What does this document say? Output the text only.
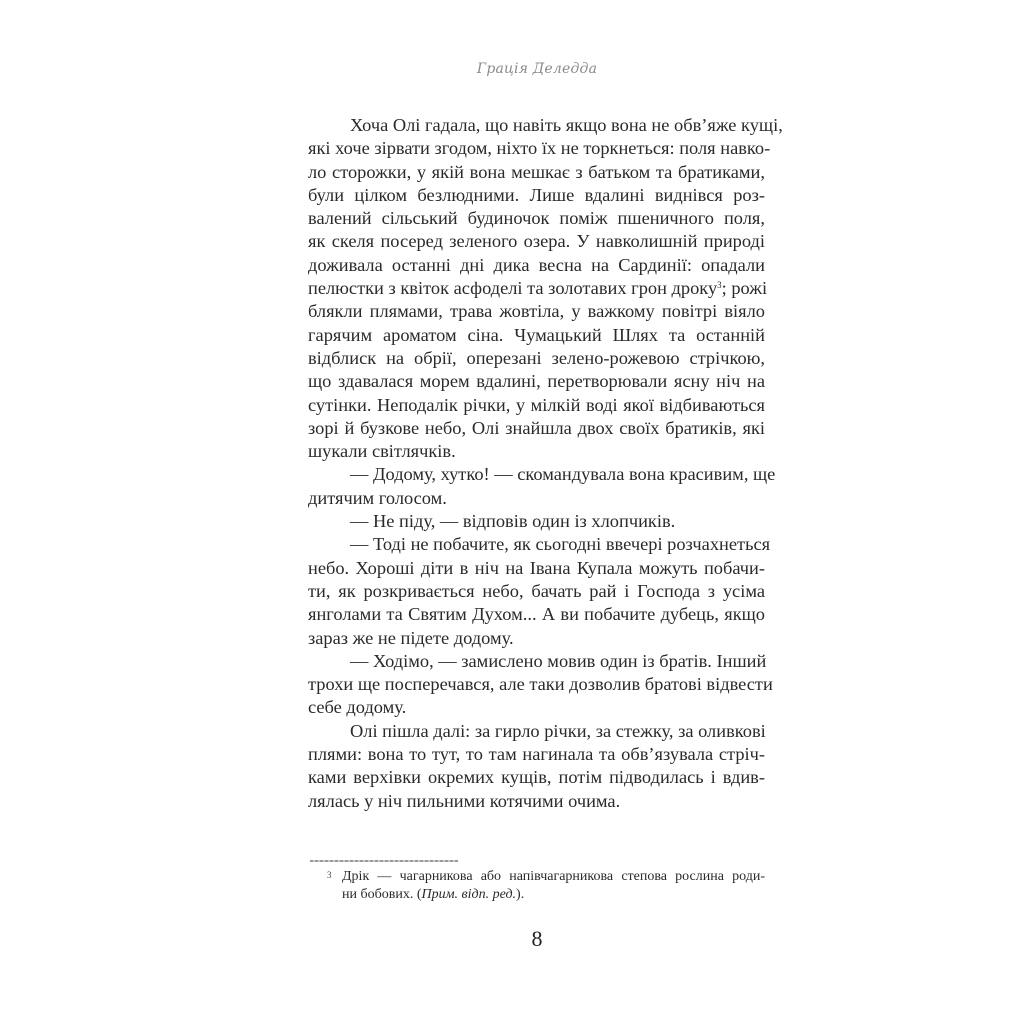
Грація Деледда
Хоча Олі гадала, що навіть якщо вона не обв’яже кущі,
які хоче зірвати згодом, ніхто їх не торкнеться: поля навко-
ло сторожки, у якій вона мешкає з батьком та братиками,
були цілком безлюдними. Лише вдалині виднівся роз-
валений сільський будиночок поміж пшеничного поля,
як скеля посеред зеленого озера. У навколишній природі
доживала останні дні дика весна на Сардинії: опадали
пелюстки з квіток асфоделі та золотавих грон дроку$^3$; рожі
блякли плямами, трава жовтіла, у важкому повітрі віяло
гарячим ароматом сіна. Чумацький Шлях та останній
відблиск на обрії, оперезані зелено-рожевою стрічкою,
що здавалася морем вдалині, перетворювали ясну ніч на
сутінки. Неподалік річки, у мілкій воді якої відбиваються
зорі й бузкове небо, Олі знайшла двох своїх братиків, які
шукали світлячків.
— Додому, хутко! — скомандувала вона красивим, ще
дитячим голосом.
— Не піду, — відповів один із хлопчиків.
— Тоді не побачите, як сьогодні ввечері розчахнеться
небо. Хороші діти в ніч на Івана Купала можуть побачи-
ти, як розкривається небо, бачать рай і Господа з усіма
янголами та Святим Духом... А ви побачите дубець, якщо
зараз же не підете додому.
— Ходімо, — замислено мовив один із братів. Інший
трохи ще посперечався, але таки дозволив братові відвести
себе додому.
Олі пішла далі: за гирло річки, за стежку, за оливкові
плями: вона то тут, то там нагинала та обв’язувала стріч-
ками верхівки окремих кущів, потім підводилась і вдив-
лялась у ніч пильними котячими очима.
3 Дрік — чагарникова або напівчагарникова степова рослина роди-
ни бобових. (Прим. відп. ред.).
8
